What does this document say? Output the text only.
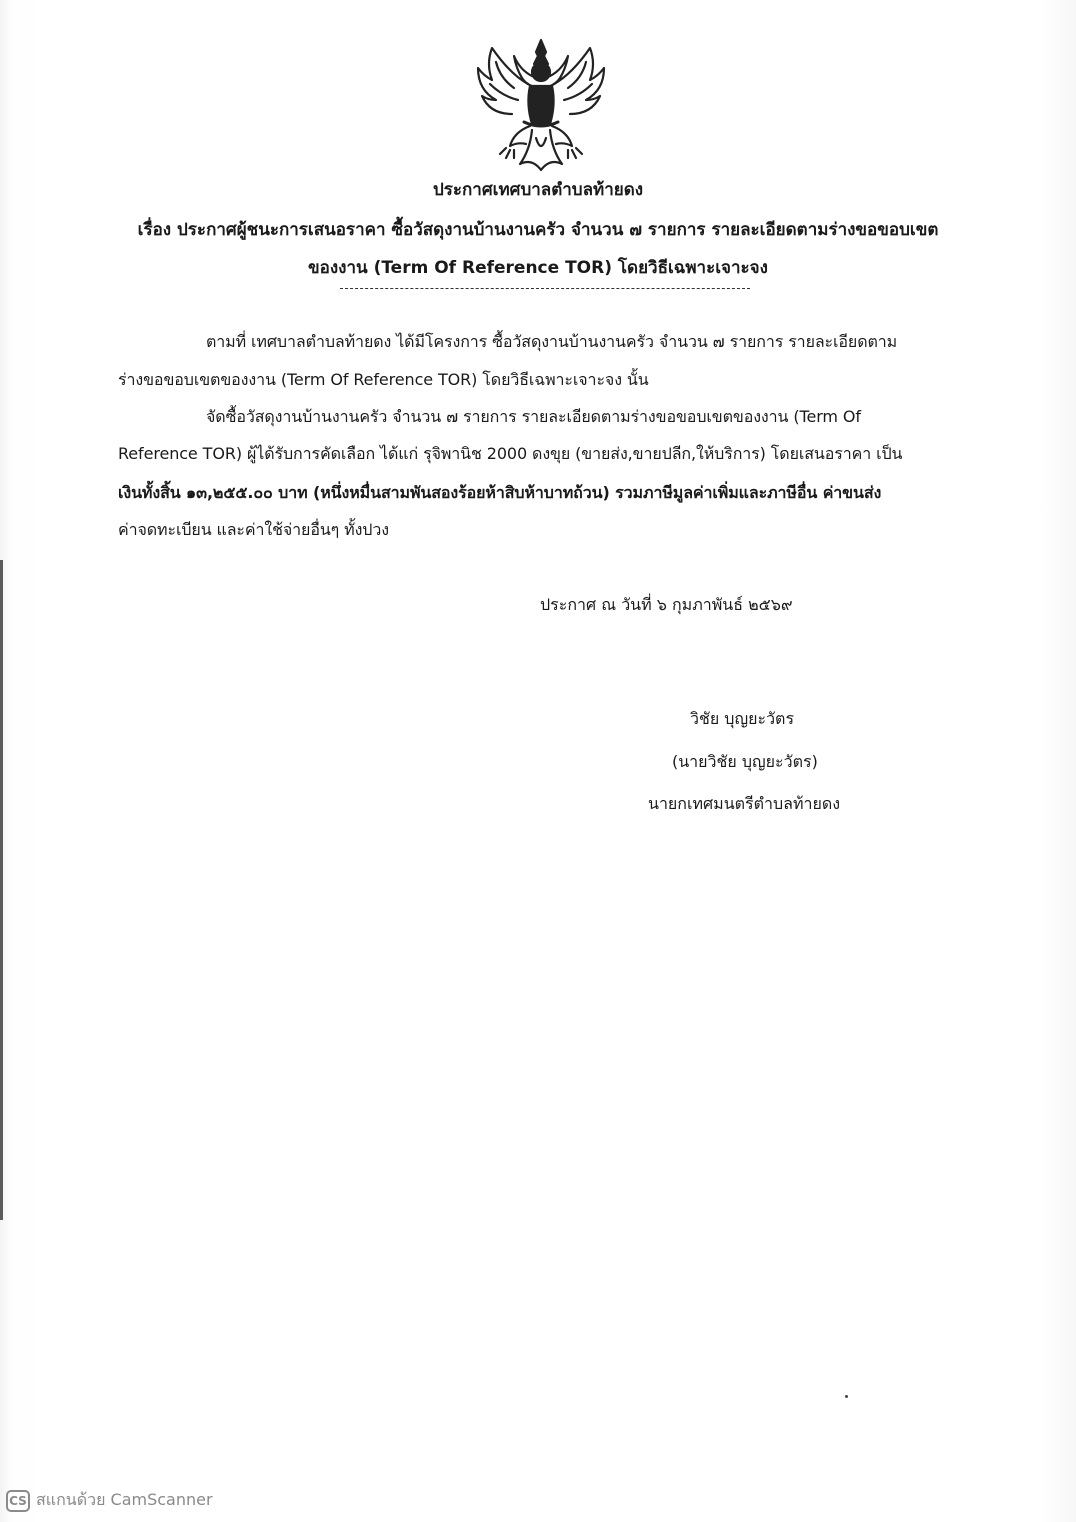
ประกาศเทศบาลตำบลท้ายดง
เรื่อง ประกาศผู้ชนะการเสนอราคา ซื้อวัสดุงานบ้านงานครัว จำนวน ๗ รายการ รายละเอียดตามร่างขอขอบเขต
ของงาน (Term Of Reference TOR) โดยวิธีเฉพาะเจาะจง
ตามที่ เทศบาลตำบลท้ายดง ได้มีโครงการ ซื้อวัสดุงานบ้านงานครัว จำนวน ๗ รายการ รายละเอียดตาม
ร่างขอขอบเขตของงาน (Term Of Reference TOR) โดยวิธีเฉพาะเจาะจง นั้น
จัดซื้อวัสดุงานบ้านงานครัว จำนวน ๗ รายการ รายละเอียดตามร่างขอขอบเขตของงาน (Term Of
Reference TOR) ผู้ได้รับการคัดเลือก ได้แก่ รุจิพานิช 2000 ดงขุย (ขายส่ง,ขายปลีก,ให้บริการ) โดยเสนอราคา เป็น
เงินทั้งสิ้น ๑๓,๒๕๕.๐๐ บาท (หนึ่งหมื่นสามพันสองร้อยห้าสิบห้าบาทถ้วน) รวมภาษีมูลค่าเพิ่มและภาษีอื่น ค่าขนส่ง
ค่าจดทะเบียน และค่าใช้จ่ายอื่นๆ ทั้งปวง
ประกาศ ณ วันที่ ๖ กุมภาพันธ์ ๒๕๖๙
วิชัย บุญยะวัตร
(นายวิชัย บุญยะวัตร)
นายกเทศมนตรีตำบลท้ายดง
CS สแกนด้วย CamScanner
